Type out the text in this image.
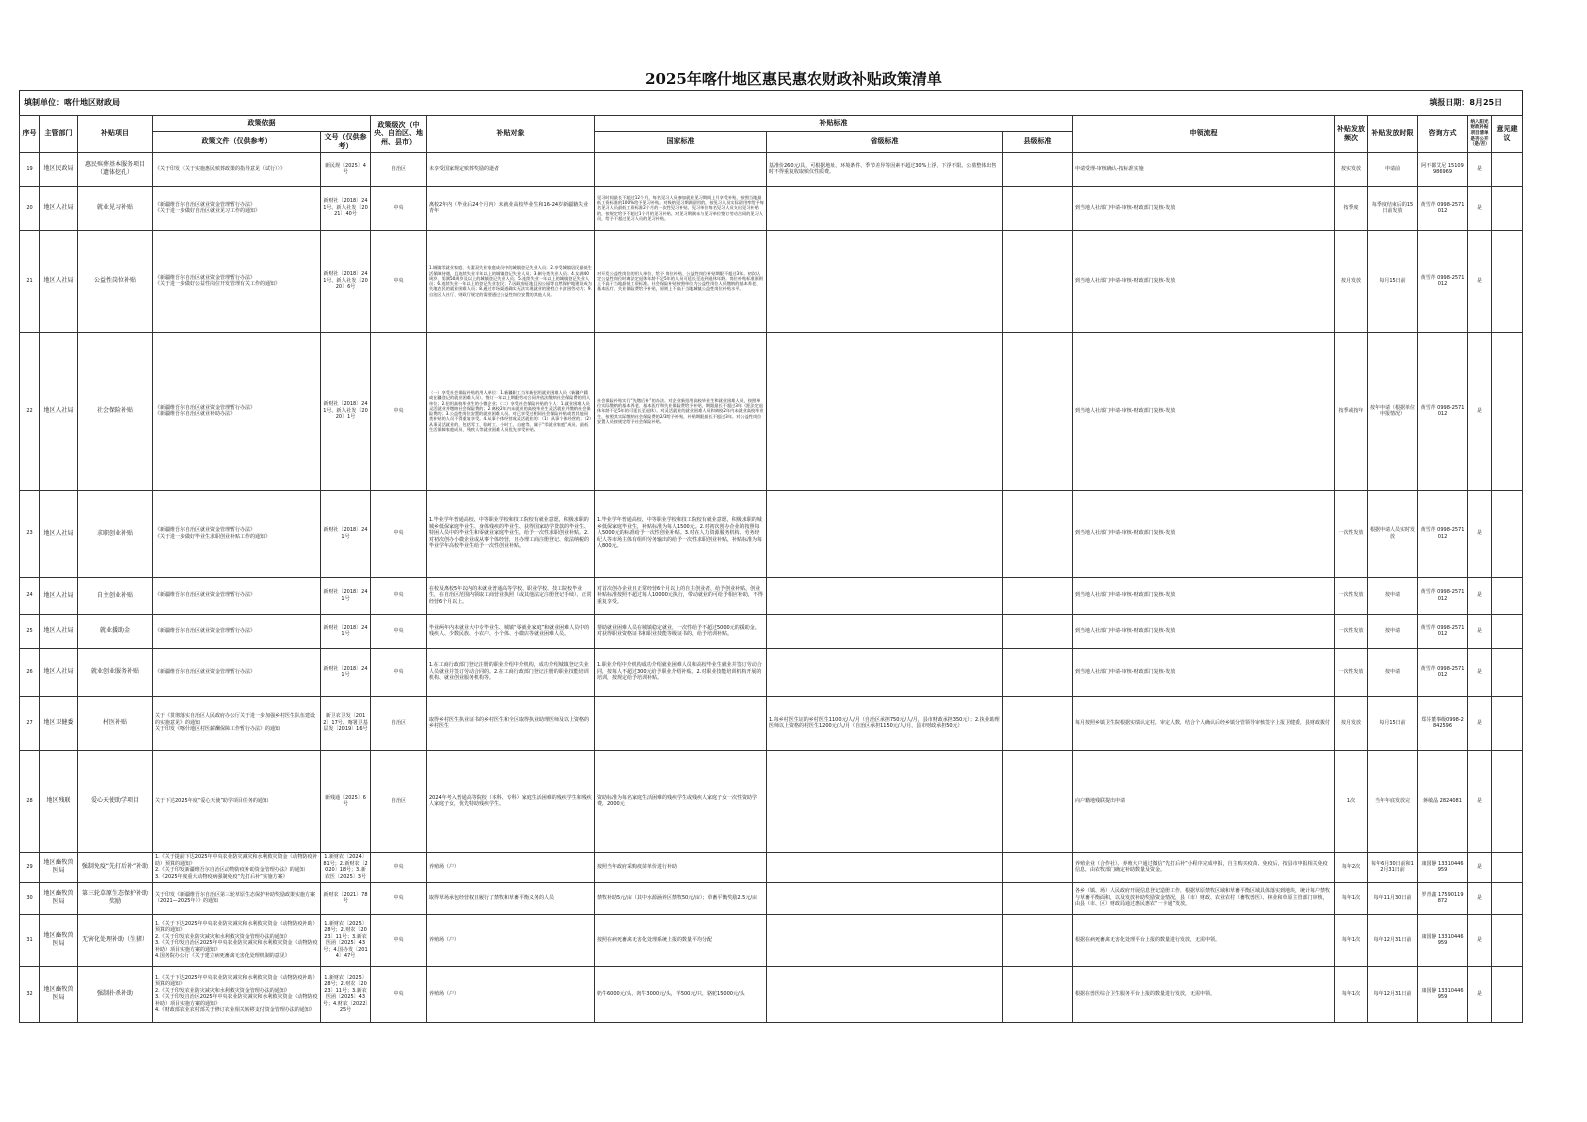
2025年喀什地区惠民惠农财政补贴政策清单
填制单位：喀什地区财政局								填报日期：8月25日							
序号	主管部门	补贴项目	政策依据		政策级次（中央、自治区、地州、县市）	补贴对象	补贴标准			申领流程	补贴发放频次	补贴发放时限	咨询方式	纳入阳光财政补贴项目清单是否公开（是/否）	意见建议
			政策文件（仅供参考）	文号（仅供参考）			国家标准	省级标准	县级标准						
19	地区民政局	惠民殡葬基本服务项目（遗体挖孔）	《关于印发〈关于实施惠民殡葬政策的指导意见（试行）〉》	新民规〔2025〕4号	自治区	未享受国家规定殡葬奖励的逝者		基准价260元/具，可根据地址、环境条件、季节差异等因素不超过30%上浮，下浮不限。公墓整体出售时不得重复收取殡仪性质费。		申请受理-审核确认-按标准实施	按实发放	申请前	阿不都艾尼 15109986969	是	
20	地区人社局	就业见习补贴	《新疆维吾尔自治区就业资金管理暂行办法》
《关于进一步做好自治区就业见习工作的通知》	新财社〔2018〕241号、新人社发〔2021〕40号	中央	离校2年内（毕业后24个月内）未就业高校毕业生和16-24岁新疆籍失业青年	见习时间最长不超过12个月，每名见习人员参加就业见习期间上月享受补贴，按照当地最低工资标准的100%给予见习补贴。对吸纳见习期满留用的，按见习人员实际留用率给予每名见习人员最低工资标准2个月的一次性见习补贴。见习单位每名见习人员支出见习补贴的，按规定给予不超过1个月的见习补贴。对见习期满未与见习单位签订劳动合同的见习人员，给予不超过见习人员的见习补贴。			到当地人社部门申请-审核-财政部门复核-发放	按季度	每季度结束后的15日前发放	黄雪芹 0998-2571012	是	
21	地区人社局	公益性岗位补贴	《新疆维吾尔自治区就业资金管理暂行办法》
《关于进一步做好公益性岗位开发管理有关工作的通知》	新财社〔2018〕241号、新人社发〔2020〕6号	中央	1.城镇零就业家庭、夫妻双失业家庭成员中的城镇登记失业人员；2.享受城镇居民最低生活保障待遇，且连续失业半年以上的城镇登记失业人员；3.制分类失业人员；4.女满40周岁、男满50周岁及以上的城镇登记失业人员；5.连续失业一年以上的城镇登记失业人员；6.连续失业一年以上的登记失业农民；7.因政府征地且因公园等自然保护地建设成为失地农民的就业困难人员；8.通过市场渠道确实无法实现就业的建档立卡贫困劳动力；9.自治区人社厅、财政厅规定的需要通过公益性岗位安置的其他人员。	对开发公益性岗位的用人单位，给予 岗位补贴、公益性岗位补贴期限不超过3年。初次认定公益性岗位时离法定退休年龄不足5年的人员可延长至达到退休年龄。岗位补贴标准原则上不高于当地最低工资标准。社会保险补贴按照单位为公益性岗位人员缴纳的基本养老、基本医疗、失业保险费给予补贴，原则上不高于当地城镇公益性岗位补贴水平。			到当地人社部门申请-审核-财政部门复核-发放	按月发放	每月15日前	黄雪芹 0998-2571012	是	
22	地区人社局	社会保险补贴	《新疆维吾尔自治区就业资金管理暂行办法》
《新疆维吾尔自治区就业补助办法》	新财社〔2018〕241号、新人社发〔2020〕1号	中央	（一）享受社会保险补贴的用人单位：1.新疆职工当年新招用就业困难人员（新疆户籍或在疆登记的就业困难人员），签订一年以上期限劳动合同并依法缴纳社会保险费的用人单位；2.招用高校毕业生的小微企业；（二）享受社会保险补贴的个人：1.就业困难人员灵活就业并缴纳社会保险费的；2.离校2年内未就业的高校毕业生灵活就业并缴纳社会保险费的；3.公益性岗位安置的就业困难人员。对已享受过相同社会保险补贴或者其他同类补贴的人员不得重复享受。4.从事个体经营或灵活就业的：（1）从事个体经营的；（2）从事灵活就业的，包括零工、临时工、小时工、自雇等。属于“零就业家庭”成员、最低生活保障家庭成员、残疾人等就业困难人员优先享受补贴。	社会保险补贴实行“先缴后补”的办法。对企业新招用高校毕业生和就业困难人员，按照单位实际缴纳的基本养老、基本医疗和失业保险费给予补贴，期限最长不超过3年（距法定退休年龄不足5年的可延长至退休）。对灵活就业的就业困难人员和离校2年内未就业高校毕业生，按照其实际缴纳社会保险费的2/3给予补贴，补贴期限最长不超过3年。对公益性岗位安置人员按规定给予社会保险补贴。			到当地人社部门申请-审核-财政部门复核-发放	按季或按年	按年申请（根据单位申报情况）	黄雪芹 0998-2571012	是	
23	地区人社局	求职创业补贴	《新疆维吾尔自治区就业资金管理暂行办法》
《关于进一步做好毕业生求职创业补贴工作的通知》	新财社〔2018〕241号	中央	1.毕业学年普通高校、中等职业学校和技工院校有就业意愿，积极求职的城乡低保家庭毕业生、身体残疾的毕业生、获得国家助学贷款的毕业生、特困人员中的毕业生和零就业家庭毕业生，给予一次性求职创业补贴。2.对初次创办小微企业或从事个体经营，且办理工商注册登记、依法纳税的毕业学年高校毕业生给予一次性创业补贴。	1.毕业学年普通高校、中等职业学校和技工院校有就业意愿，积极求职的城乡低保家庭毕业生，补贴标准为每人1500元。2.对初次创办企业的按照每人5000元的标准给予一次性创业补贴。3.对在人力资源服务机构、劳务经纪人等市场主体有组织劳务输出的给予一次性求职创业补贴，补贴标准为每人800元。			到当地人社部门申请-审核-财政部门复核-发放	一次性发放	根据申请人员实时发放	黄雪芹 0998-2571012	是	
24	地区人社局	自主创业补贴	《新疆维吾尔自治区就业资金管理暂行办法》	新财社〔2018〕241号	中央	在校及离校5年以内的未就业普通高等学校、职业学校、技工院校毕业生，在自治区范围内领取工商营业执照（或其他法定注册登记手续）、正常经营6个月以上。	对首次创办企业且正常经营6个月以上的自主创业者，给予创业补贴。创业补贴标准按照不超过每人10000元执行，带动就业的可给予相应补助，不得重复享受。			到当地人社部门申请-审核-财政部门复核-发放	一次性发放	按申请	黄雪芹 0998-2571012	是	
25	地区人社局	就业援助金	《新疆维吾尔自治区就业资金管理暂行办法》	新财社〔2018〕241号	中央	毕业两年内未就业大中专毕业生、城镇“零就业家庭”和就业困难人员中的残疾人、少数民族、小农户、小个体、小微店等就业困难人员。	帮助就业困难人员在城镇稳定就业，一次性给予不超过5000元的援助金。对获得职业资格证书和职业技能等级证书的，给予培训补贴。			到当地人社部门申请-审核-财政部门复核-发放	一次性发放	按申请	黄雪芹 0998-2571012	是	
26	地区人社局	就业创业服务补贴	《新疆维吾尔自治区就业资金管理暂行办法》	新财社〔2018〕241号	中央	1.在工商行政部门登记注册的职业介绍中介机构，成功介绍城镇登记失业人员就业并签订劳动合同的。2.在工商行政部门登记注册的职业技能培训机构、就业创业服务机构等。	1.职业介绍中介机构成功介绍就业困难人员和高校毕业生就业并签订劳动合同，按每人不超过300元给予职业介绍补贴。2.对职业技能培训机构开展的培训，按规定给予培训补贴。			到当地人社部门申请-审核-财政部门复核-发放	一次性发放	按申请	黄雪芹 0998-2571012	是	
27	地区卫健委	村医补贴	关于《贯彻落实自治区人民政府办公厅关于进一步加强乡村医生队伍建设的实施意见》的通知
关于印发《喀什地区村医薪酬保障工作暂行办法》的通知	新卫农卫发〔2012〕17号、喀署卫基层发〔2019〕16号	自治区	取得乡村医生执业证书的乡村医生和全区取得执业助理医师及以上资格的乡村医生		1.每乡村医生证的乡村医生1100元/人/月（自治区承担750元/人/月，县市财政承担350元）；2.执业助理医师以上资格的村医生1200元/人/月（自治区承担1150元/人/月，县市财政承担50元）		每月按照乡镇卫生院根据实绩认定村，审定人数，结合个人确认后经乡镇分管领导审核签字上报卫健委，县财政拨付	按月发放	每月15日前	郑芬董事级0998-2842596	是	
28	地区残联	爱心天使助学项目	关于下达2025年度“爱心天使”助学项目任务的通知	新残通〔2025〕6号	自治区	2024年考入普通高等院校（本科、专科）家庭生活困难的残疾学生和残疾人家庭子女，优先特助残疾学生。	资助标准为每名家庭生活困难的残疾学生或残疾人家庭子女一次性资助学费，2000元			向户籍地残联提出申请	1次	当年年底发放完	蒋敏晶 2824081	是	
29	地区畜牧兽医局	强制免疫“先打后补”补助	1.《关于提前下达2025年中央农业防灾减灾和水利救灾资金（动物防疫补助）预算的通知》
2.《关于印发新疆维吾尔自治区动物防疫补助资金管理办法》的通知
3.《2025年度重大动物疫病强制免疫“先打后补”实施方案》	1.新财农〔2024〕81号；2.新财农〔2020〕18号；3.新农医〔2025〕3号	中央	养殖场（户）	按照当年政府采购疫苗单价进行补助			养殖企业（合作社）、养殖大户通过微信“先打后补”小程序完成申报，自主购买疫苗、免疫后，按县市申报相关免疫信息，由农牧部门确定补助数量及资金。	每年2次	每年6月30日前和12月31日前	康国静 13310446959	是	
30	地区畜牧兽医局	第三轮草原生态保护补助奖励	关于印发《新疆维吾尔自治区第三轮草原生态保护补助奖励政策实施方案（2021—2025年）》的通知	新财农〔2021〕78号	中央	取得草场承包经营权且履行了禁牧和草畜平衡义务的人员	禁牧补助5元/亩（其中水源涵养区禁牧50元/亩）；草畜平衡奖励2.5元/亩			各乡（镇、场）人民政府开展信息登记造册工作，根据草原禁牧区域和草畜平衡区域具体落实到地块，统计每户禁牧与草畜平衡面积，以及发放补助奖励资金情况，县（市）财政、农业农村（畜牧兽医）、林业和草原主管部门审核，由县（市、区）财政局通过惠民惠农“一卡通”发放。	每年1次	每年11月30日前	罗青鑫 17590119872	是	
31	地区畜牧兽医局	无害化处理补助（生猪）	1.《关于下达2025年中央农业防灾减灾和水利救灾资金（动物防疫补助）预算的通知》
2.《关于印发农业防灾减灾和水利救灾资金管理办法的通知》
3.《关于印发自治区2025年中央农业防灾减灾和水利救灾资金（动物防疫补助）项目实施方案的通知》
4.国务院办公厅《关于建立病死畜禽无害化处理机制的意见》	1.新财农〔2025〕28号；2.财农〔2023〕11号；3.新农医函〔2025〕43号；4.国办发〔2014〕47号	中央	养殖场（户）	按照在病死畜禽无害化处理系统上报的数量平均分配			根据在病死畜禽无害化处理平台上报的数量进行发放，无需申领。	每年1次	每年12月31日前	康国静 13310446959	是	
32	地区畜牧兽医局	强制扑杀补助	1.《关于下达2025年中央农业防灾减灾和水利救灾资金（动物防疫补助）预算的通知》
2.《关于印发农业防灾减灾和水利救灾资金管理办法的通知》
3.《关于印发自治区2025年中央农业防灾减灾和水利救灾资金（动物防疫补助）项目实施方案的通知》
4.《财政部农业农村部关于修订农业相关转移支付资金管理办法的通知》	1.新财农〔2025〕28号；2.财农〔2023〕11号；3.新农医函〔2025〕43号；4.财农〔2022〕25号	中央	养殖场（户）	奶牛6000元/头，肉牛3000元/头，羊500元/只，骆驼15000元/头			根据在兽医综合卫生服务平台上报的数量进行发放，无需申领。	每年1次	每年12月31日前	康国静 13310446959	是	
